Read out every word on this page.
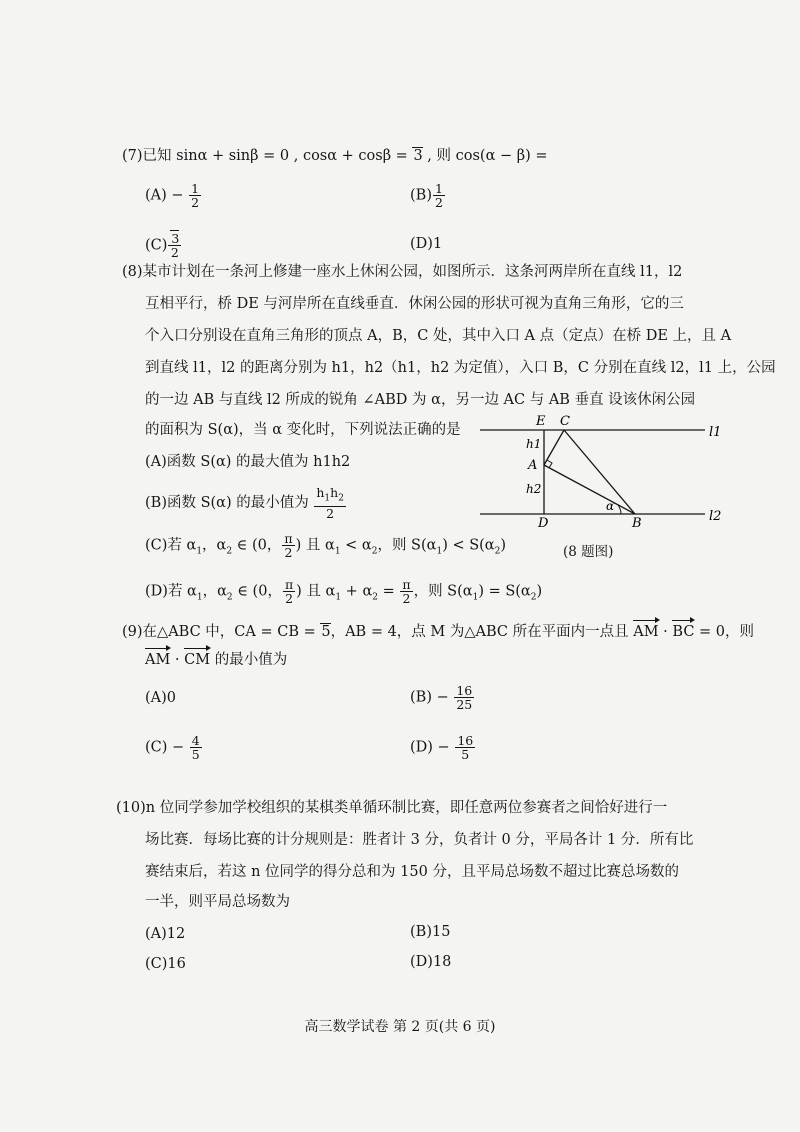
(7)已知 sinα + sinβ = 0 , cosα + cosβ = 3 , 则 cos(α − β) =
$(A) - \frac{1}{2}$	$(B) \frac{1}{2}$
$(C) \frac{3}{2}$	(D)1
(8)某市计划在一条河上修建一座水上休闲公园，如图所示．这条河两岸所在直线 l1，l2
互相平行，桥 DE 与河岸所在直线垂直．休闲公园的形状可视为直角三角形，它的三
个入口分别设在直角三角形的顶点 A，B，C 处，其中入口 A 点（定点）在桥 DE 上，且 A
到直线 l1，l2 的距离分别为 h1，h2（h1，h2 为定值），入口 B，C 分别在直线 l2，l1 上，公园
的一边 AB 与直线 l2 所成的锐角 ∠ABD 为 α，另一边 AC 与 AB 垂直 设该休闲公园
的面积为 S(α)，当 α 变化时，下列说法正确的是
(A)函数 S(α) 的最大值为 h1h2
(B)函数 S(α) 的最小值为 $\frac{h_1h_2}{2}$
(C)若 $\alpha_1$，$\alpha_2$ ∈ (0， $\frac{\pi}{2}$ ) 且 $\alpha_1 < \alpha_2$，则 $S(\alpha_1) < S(\alpha_2)$
(D)若 $\alpha_1$，$\alpha_2$ ∈ (0， $\frac{\pi}{2}$ ) 且 $\alpha_1 + \alpha_2 = \frac{\pi}{2}$ ，则 $S(\alpha_1) = S(\alpha_2)$
E C
l1
h1
A
h2
D
α
B	l2
(8 题图)
(9)在△ABC 中，CA = CB = 5，AB = 4，点 M 为△ABC 所在平面内一点且 AM · BC = 0，则
AM · CM 的最小值为
(A)0	$(B) - \frac{16}{25}$
$(C) - \frac{4}{5}$	$(D) - \frac{16}{5}$
(10)n 位同学参加学校组织的某棋类单循环制比赛，即任意两位参赛者之间恰好进行一
场比赛．每场比赛的计分规则是：胜者计 3 分，负者计 0 分，平局各计 1 分．所有比
赛结束后，若这 n 位同学的得分总和为 150 分，且平局总场数不超过比赛总场数的
一半，则平局总场数为
(A)12	(B)15
(C)16	(D)18
高三数学试卷 第 2 页(共 6 页)
